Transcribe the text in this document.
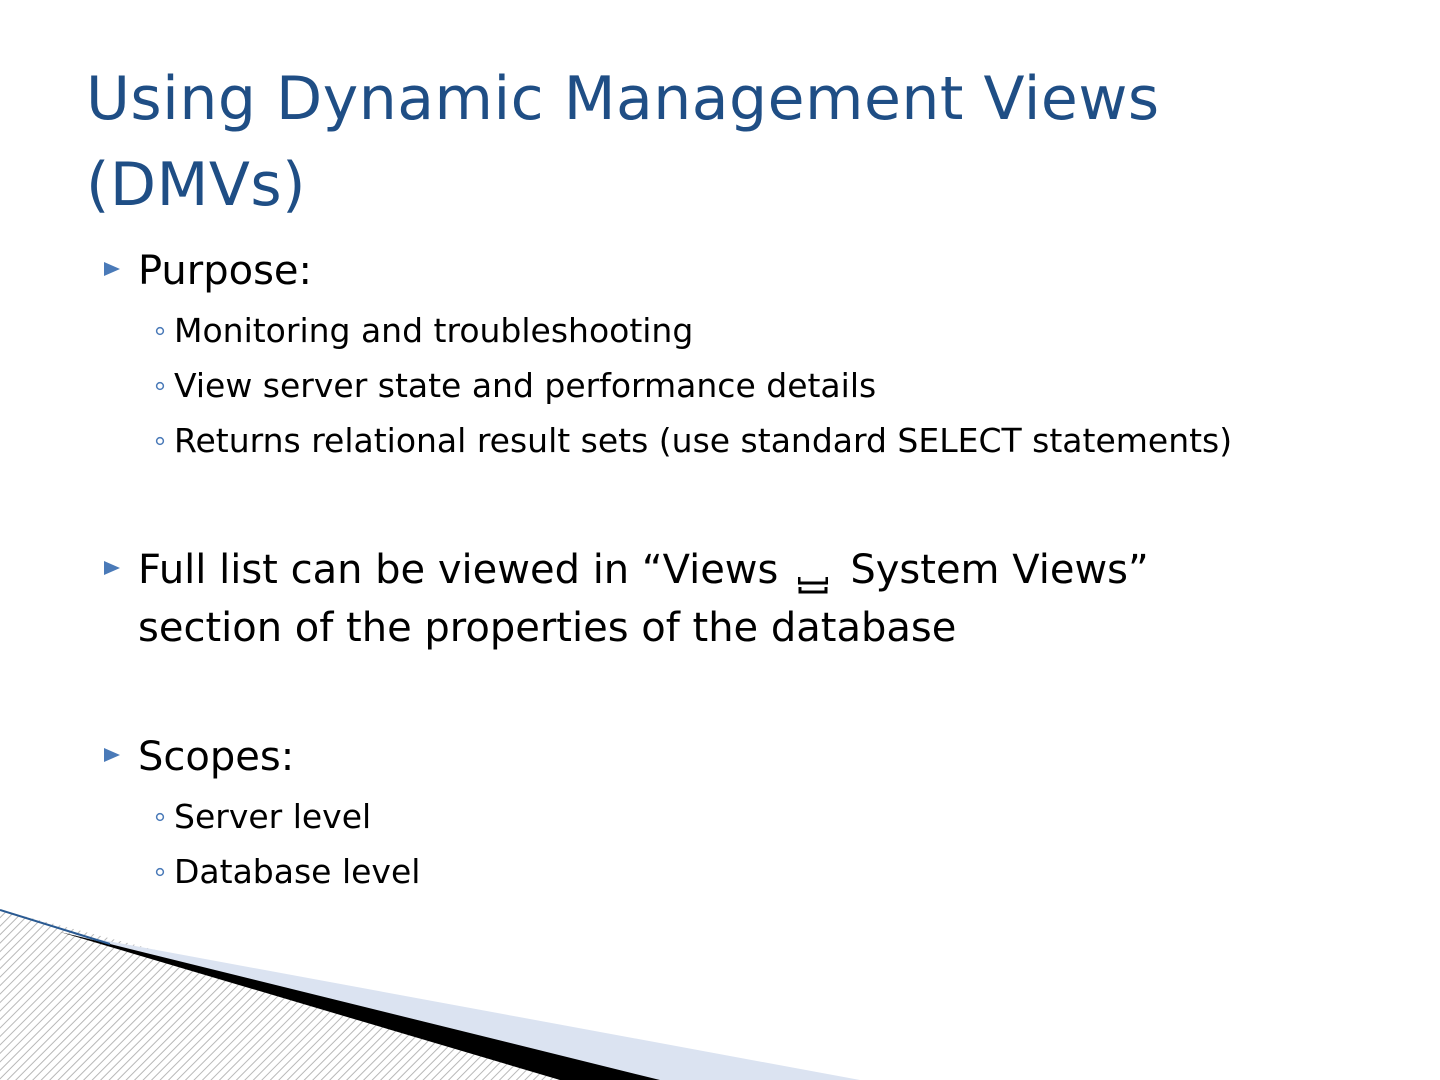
Using Dynamic Management Views (DMVs)
Purpose:
Monitoring and troubleshooting
View server state and performance details
Returns relational result sets (use standard SELECT statements)
Full list can be viewed in “Views System Views”
section of the properties of the database
Scopes:
Server level
Database level
